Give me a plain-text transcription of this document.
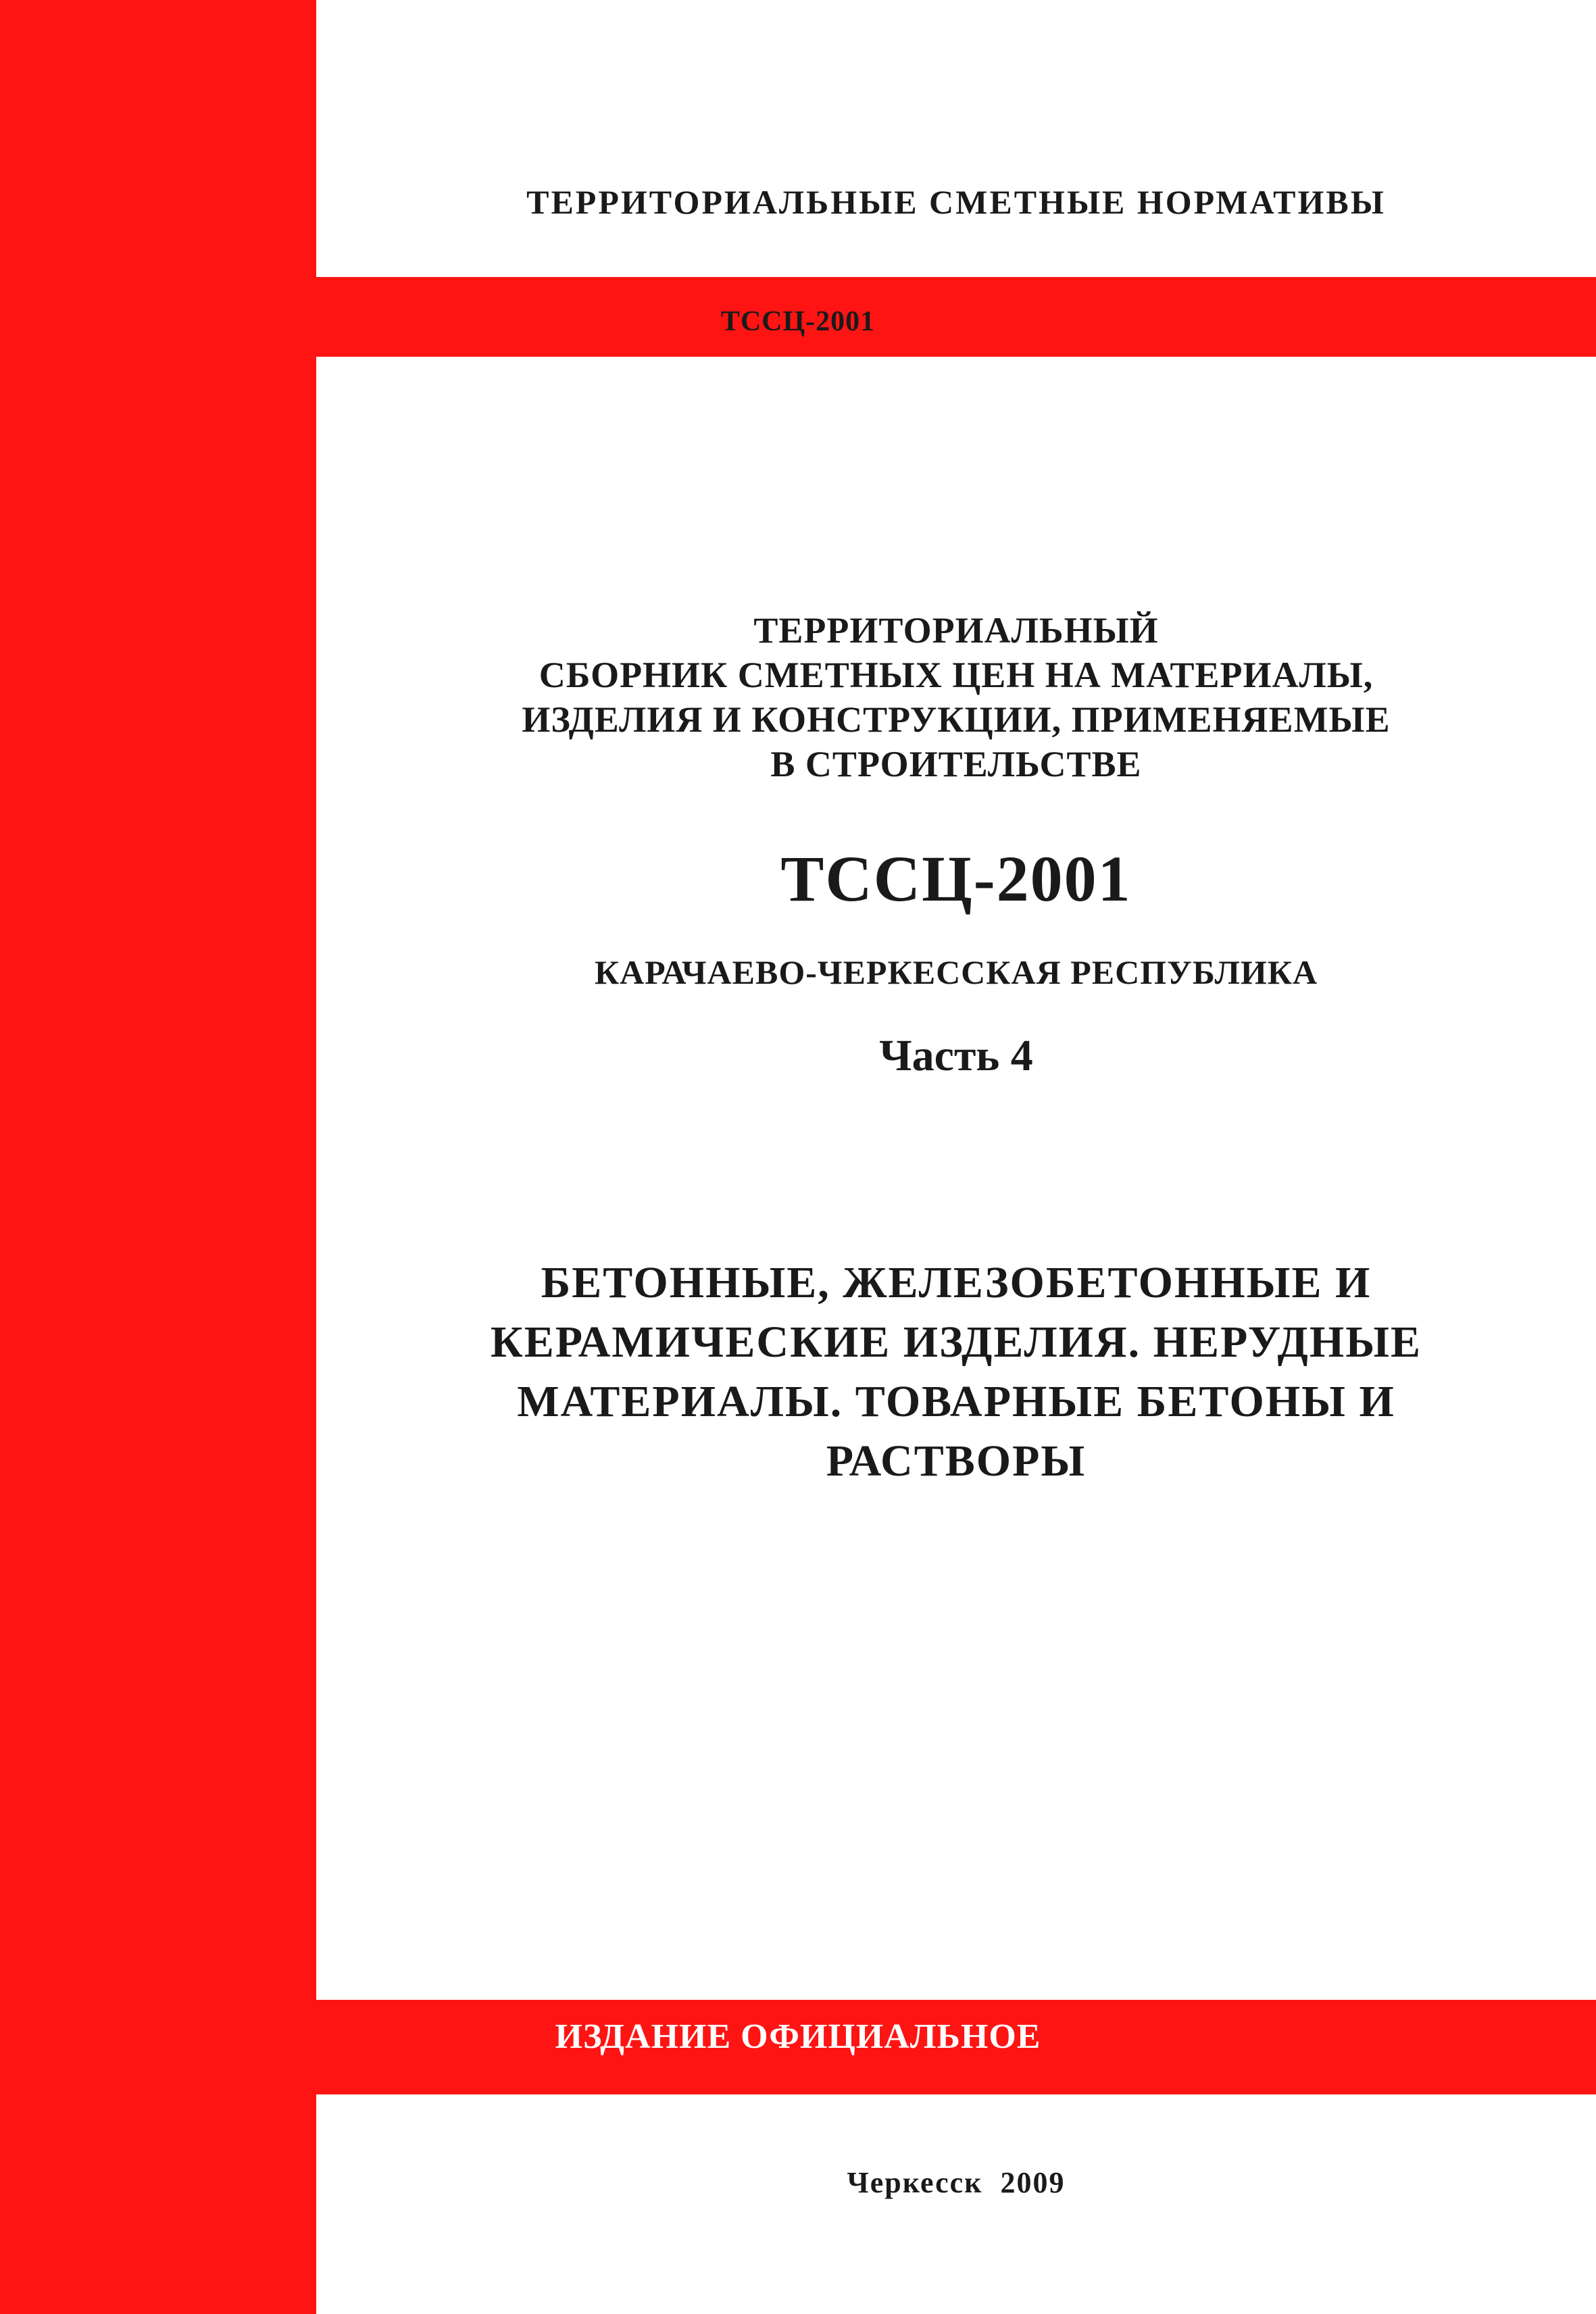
ТЕРРИТОРИАЛЬНЫЕ СМЕТНЫЕ НОРМАТИВЫ
ТССЦ-2001
ТЕРРИТОРИАЛЬНЫЙ
СБОРНИК СМЕТНЫХ ЦЕН НА МАТЕРИАЛЫ,
ИЗДЕЛИЯ И КОНСТРУКЦИИ, ПРИМЕНЯЕМЫЕ
В СТРОИТЕЛЬСТВЕ
ТССЦ-2001
КАРАЧАЕВО-ЧЕРКЕССКАЯ РЕСПУБЛИКА
Часть 4
БЕТОННЫЕ, ЖЕЛЕЗОБЕТОННЫЕ И
КЕРАМИЧЕСКИЕ ИЗДЕЛИЯ. НЕРУДНЫЕ
МАТЕРИАЛЫ. ТОВАРНЫЕ БЕТОНЫ И
РАСТВОРЫ
ИЗДАНИЕ ОФИЦИАЛЬНОЕ
Черкесск 2009
